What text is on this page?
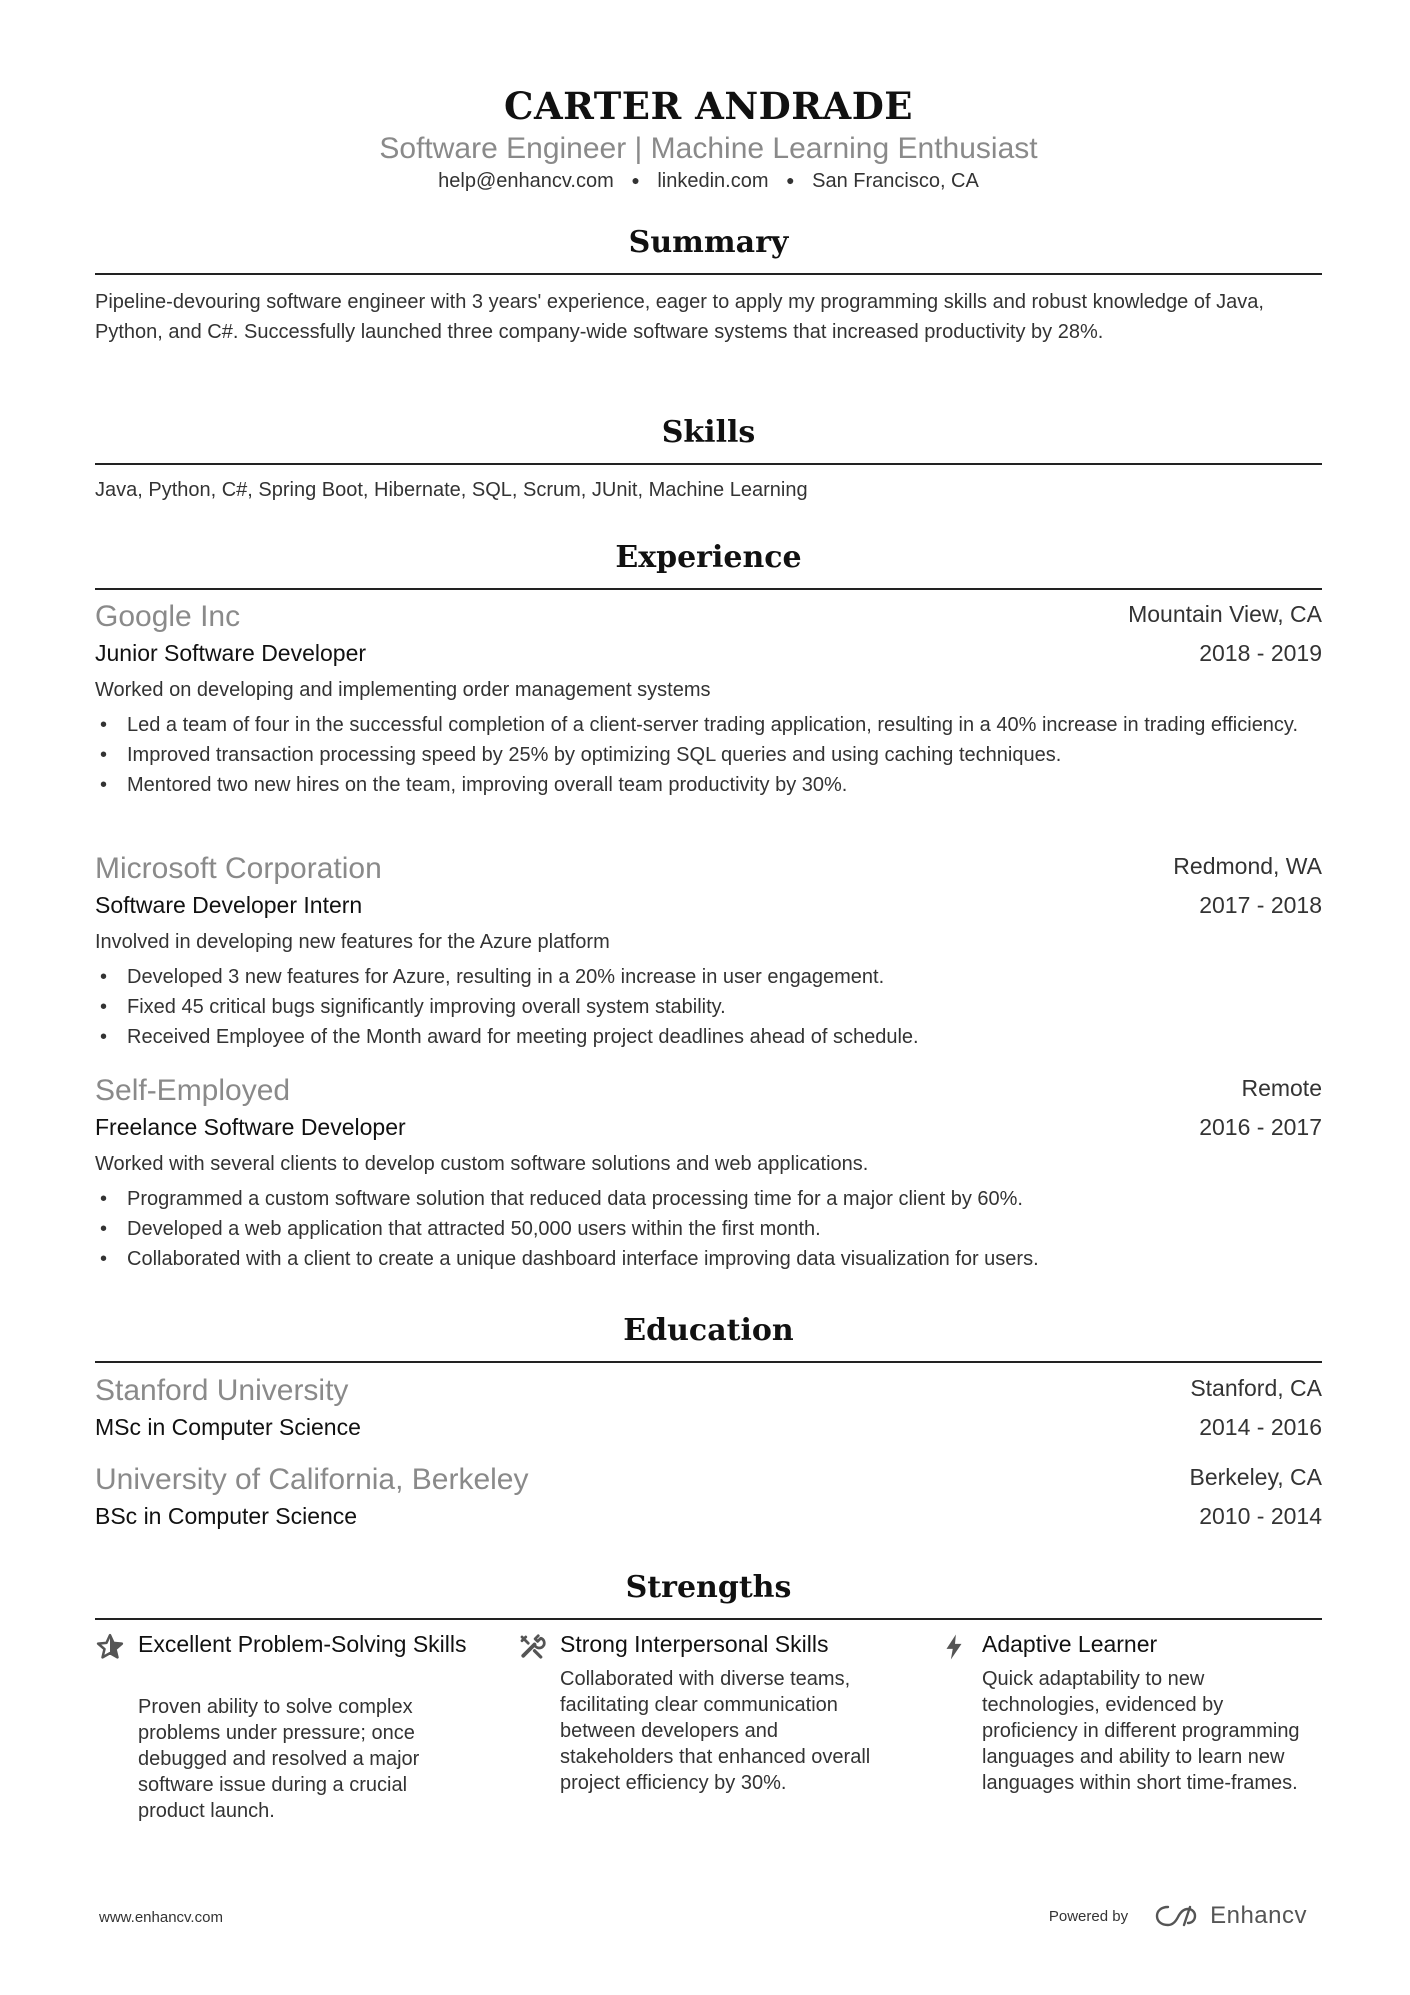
CARTER ANDRADE
Software Engineer | Machine Learning Enthusiast
help@enhancv.com ● linkedin.com ● San Francisco, CA
Summary
Pipeline-devouring software engineer with 3 years' experience, eager to apply my programming skills and robust knowledge of Java, Python, and C#. Successfully launched three company-wide software systems that increased productivity by 28%.
Skills
Java, Python, C#, Spring Boot, Hibernate, SQL, Scrum, JUnit, Machine Learning
Experience
Google Inc	Mountain View, CA
Junior Software Developer	2018 - 2019
Worked on developing and implementing order management systems
• Led a team of four in the successful completion of a client-server trading application, resulting in a 40% increase in trading efficiency.
• Improved transaction processing speed by 25% by optimizing SQL queries and using caching techniques.
• Mentored two new hires on the team, improving overall team productivity by 30%.
Microsoft Corporation	Redmond, WA
Software Developer Intern	2017 - 2018
Involved in developing new features for the Azure platform
• Developed 3 new features for Azure, resulting in a 20% increase in user engagement.
• Fixed 45 critical bugs significantly improving overall system stability.
• Received Employee of the Month award for meeting project deadlines ahead of schedule.
Self-Employed	Remote
Freelance Software Developer	2016 - 2017
Worked with several clients to develop custom software solutions and web applications.
• Programmed a custom software solution that reduced data processing time for a major client by 60%.
• Developed a web application that attracted 50,000 users within the first month.
• Collaborated with a client to create a unique dashboard interface improving data visualization for users.
Education
Stanford University	Stanford, CA
MSc in Computer Science	2014 - 2016
University of California, Berkeley	Berkeley, CA
BSc in Computer Science	2010 - 2014
Strengths
Excellent Problem-Solving Skills
Proven ability to solve complex problems under pressure; once debugged and resolved a major software issue during a crucial product launch.
Strong Interpersonal Skills
Collaborated with diverse teams, facilitating clear communication between developers and stakeholders that enhanced overall project efficiency by 30%.
Adaptive Learner
Quick adaptability to new technologies, evidenced by proficiency in different programming languages and ability to learn new languages within short time-frames.
www.enhancv.com	Powered by	Enhancv
